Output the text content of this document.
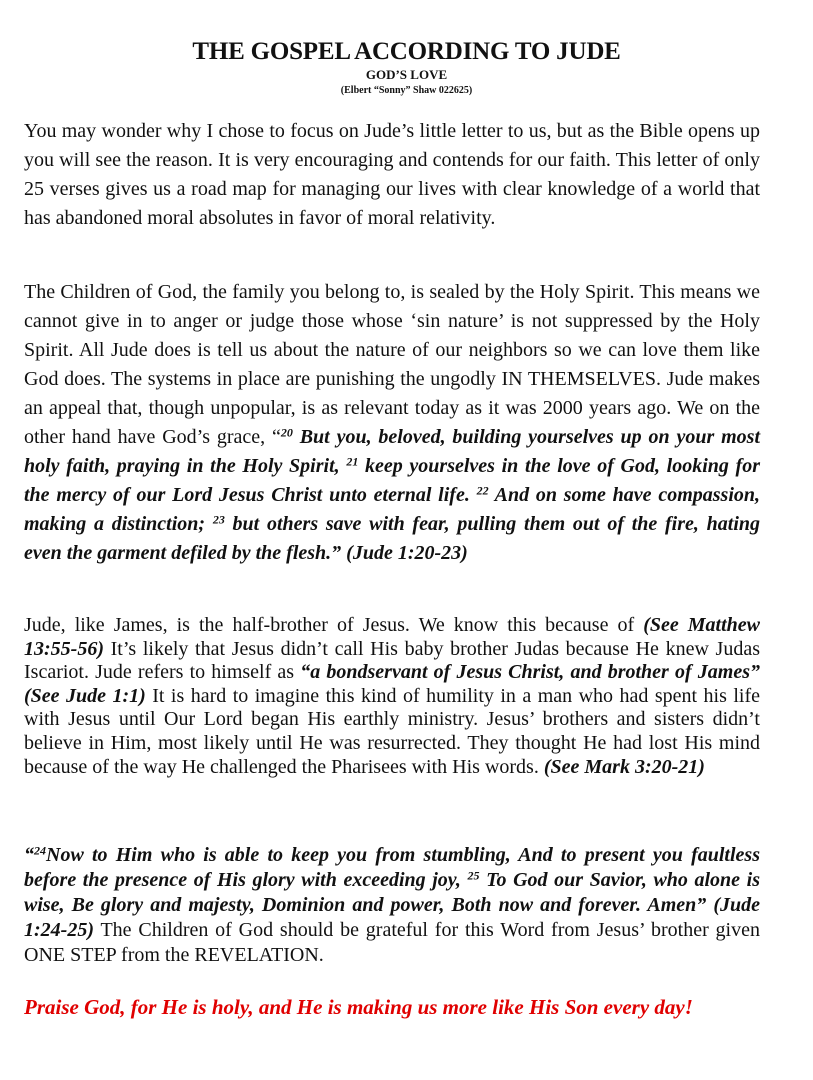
THE GOSPEL ACCORDING TO JUDE
GOD’S LOVE
(Elbert “Sonny” Shaw 022625)

You may wonder why I chose to focus on Jude’s little letter to us, but as the Bible opens up you will see the reason. It is very encouraging and contends for our faith. This letter of only 25 verses gives us a road map for managing our lives with clear knowledge of a world that has abandoned moral absolutes in favor of moral relativity.

The Children of God, the family you belong to, is sealed by the Holy Spirit. This means we cannot give in to anger or judge those whose ‘sin nature’ is not suppressed by the Holy Spirit. All Jude does is tell us about the nature of our neighbors so we can love them like God does. The systems in place are punishing the ungodly IN THEMSELVES. Jude makes an appeal that, though unpopular, is as relevant today as it was 2000 years ago. We on the other hand have God’s grace, “$^{20}$ But you, beloved, building yourselves up on your most holy faith, praying in the Holy Spirit, $^{21}$ keep yourselves in the love of God, looking for the mercy of our Lord Jesus Christ unto eternal life. $^{22}$ And on some have compassion, making a distinction; $^{23}$ but others save with fear, pulling them out of the fire, hating even the garment defiled by the flesh.” (Jude 1:20-23)

Jude, like James, is the half-brother of Jesus. We know this because of (See Matthew 13:55-56) It’s likely that Jesus didn’t call His baby brother Judas because He knew Judas Iscariot. Jude refers to himself as “a bondservant of Jesus Christ, and brother of James” (See Jude 1:1) It is hard to imagine this kind of humility in a man who had spent his life with Jesus until Our Lord began His earthly ministry. Jesus’ brothers and sisters didn’t believe in Him, most likely until He was resurrected. They thought He had lost His mind because of the way He challenged the Pharisees with His words. (See Mark 3:20-21)

“$^{24}$Now to Him who is able to keep you from stumbling, And to present you faultless before the presence of His glory with exceeding joy, $^{25}$ To God our Savior, who alone is wise, Be glory and majesty, Dominion and power, Both now and forever. Amen” (Jude 1:24-25) The Children of God should be grateful for this Word from Jesus’ brother given ONE STEP from the REVELATION.

Praise God, for He is holy, and He is making us more like His Son every day!
